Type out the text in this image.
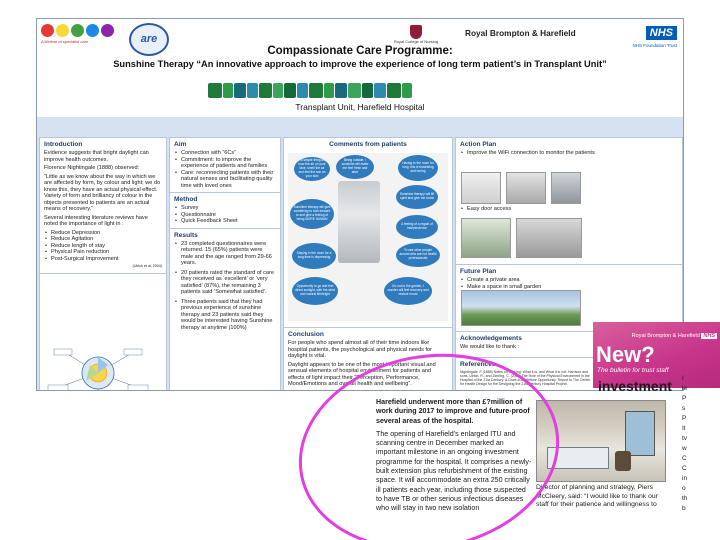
A lifetime of specialist care	are	Royal College of Nursing
Royal Brompton & Harefield	NHS
NHS Foundation Trust
Compassionate Care Programme:
Sunshine Therapy “An innovative approach to improve the experience of long term patient’s in Transplant Unit”
Transplant Unit, Harefield Hospital
Introduction

Evidence suggests that bright daylight can improve health outcomes.

Florence Nightingale (1888) observed:

“Little as we know about the way in which we are affected by form, by colour and light; we do know this, they have an actual physical effect. Variety of form and brilliancy of colour in the objects presented to patients are an actual means of recovery.”

Several interesting literature reviews have noted the importance of light in :

• Reduce Depression
• Reduce Agitation
• Reduce length of stay
• Physical Pain reduction
• Post-Surgical Improvement
(Ulrich et al, 2004)
Aim
• Connection with “6Cs”
• Commitment: to improve the experience of patients and families
• Care: reconnecting patients with their natural senses and facilitating quality time with loved ones
Method
• Survey
• Questionnaire
• Quick Feedback Sheet
Results
• 23 completed questionnaires were returned. 15 (65%) patients were male and the age ranged from 29-66 years.
• 20 patients rated the standard of care they received as ‘excellent’ or ‘very satisfied’ (87%), the remaining 3 patients said ‘Somewhat satisfied’.
• Three patients said that they had previous experience of sunshine therapy and 23 patients said they would be interested having Sunshine therapy at anytime (100%)
Comments from patients
To simple thing as how the air on your face, smell the air and feel the sun on your skin
Being outside, I sunshine will make me feel fresh and alive
Having to the room for long, this is frustrating and boring
Sunshine therapy will lift spirit and give me boost
Sunshine therapy will give something to look forward to and give a feeling of being MORE HUMAN
A feeling of a regain of independence
To see other people around who are not health professionals
Staying in the room for a long time is depressing
Opportunity to go and feel direct sunlight, with the wind and natural life/bright
Go out to the garden, I wonder will feel recovery and restore mood
Conclusion

For people who spend almost all of their time indoors like hospital patients, the psychological and physical needs for daylight is vital.

Daylight appears to be one of the most important visual and sensual elements of hospital environment for patients and effects of light impact their “Perception, Performance, Mood/Emotions and overall health and wellbeing”.

Action Plan
• Improve the WiFi connection to monitor the patients
• Easy door access
Future Plan
• Create a private area
• Make a space in small garden
Acknowledgements
We would like to thank :
References
Nightingale, F (1888) Notes on Nursing: What it is, and What it is not. Harrison and sons. Ulrich, R., and Zimring, C. (2004) The Role of the Physical Environment in the Hospital of the 21st Century: A Once-in-a-Lifetime Opportunity. Report to The Center for Health Design for the Designing the 21st Century Hospital Project.
Royal Brompton & Harefield NHS
New?
The bulletin for trust staff
investment

Harefield underwent more than £?million of work during 2017 to improve and future-proof several areas of the hospital.

The opening of Harefield’s enlarged ITU and scanning centre in December marked an important milestone in an ongoing investment programme for the hospital. It comprises a newly-built extension plus refurbishment of the existing space. It will accommodate an extra 250 critically ill patients each year, including those suspected to have TB or other serious infectious diseases who will stay in two new isolation

Director of planning and strategy, Piers McCleery, said: “I would like to thank our staff for their patience and willingness to
I
le
P
s
P
It
tv
w
C
C
in
o
th
b
